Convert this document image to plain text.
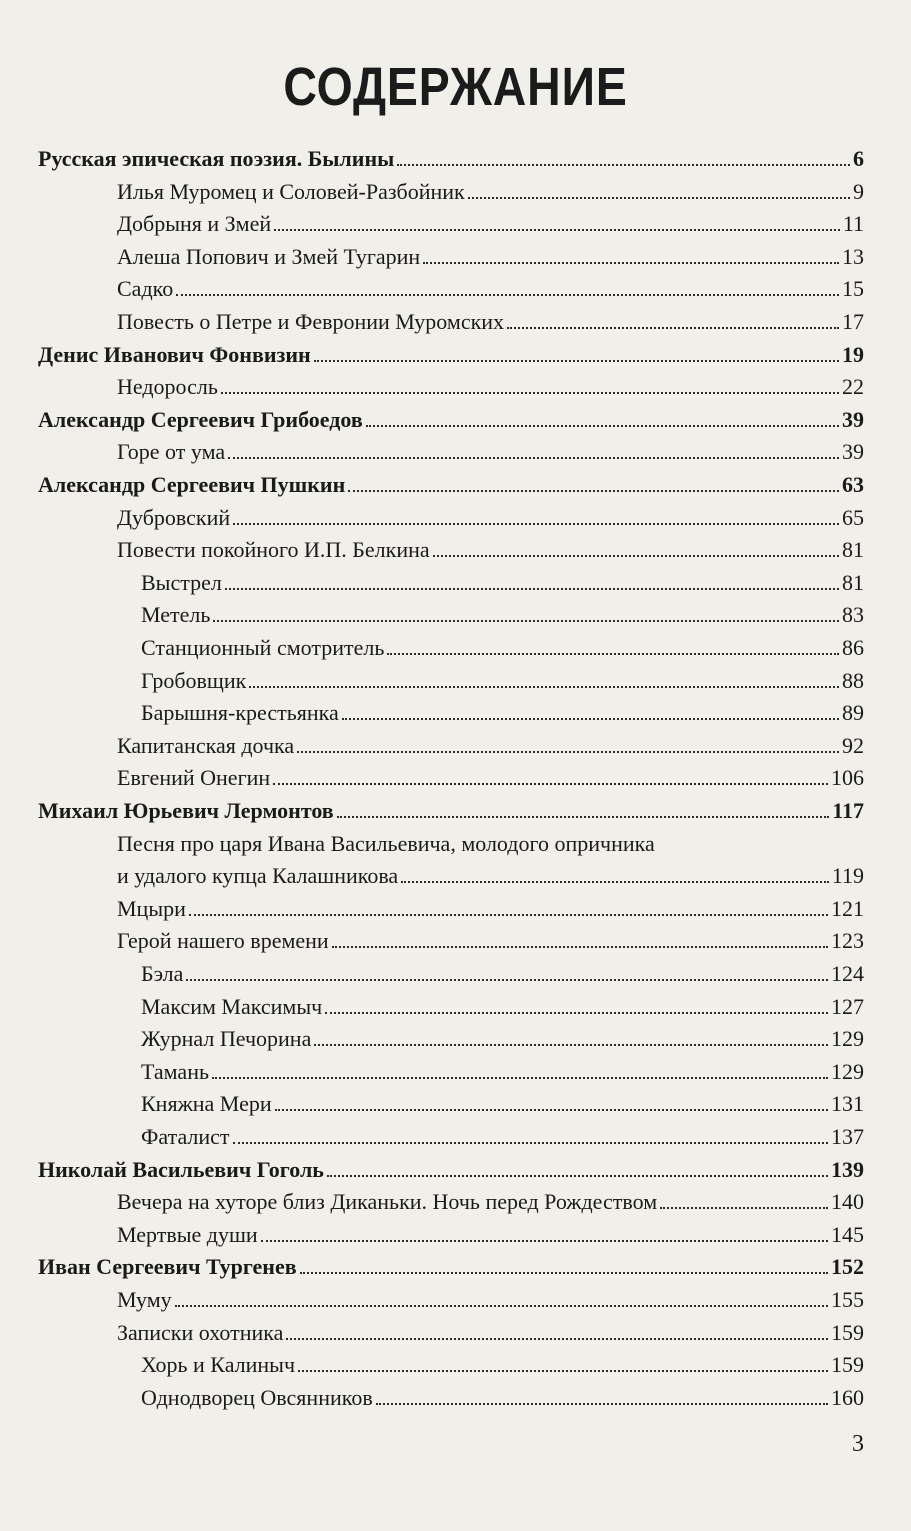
СОДЕРЖАНИЕ
Русская эпическая поэзия. Былины	6
Илья Муромец и Соловей-Разбойник	9
Добрыня и Змей	11
Алеша Попович и Змей Тугарин	13
Садко	15
Повесть о Петре и Февронии Муромских	17
Денис Иванович Фонвизин	19
Недоросль	22
Александр Сергеевич Грибоедов	39
Горе от ума	39
Александр Сергеевич Пушкин	63
Дубровский	65
Повести покойного И.П. Белкина	81
Выстрел	81
Метель	83
Станционный смотритель	86
Гробовщик	88
Барышня-крестьянка	89
Капитанская дочка	92
Евгений Онегин	106
Михаил Юрьевич Лермонтов	117
Песня про царя Ивана Васильевича, молодого опричника
и удалого купца Калашникова	119
Мцыри	121
Герой нашего времени	123
Бэла	124
Максим Максимыч	127
Журнал Печорина	129
Тамань	129
Княжна Мери	131
Фаталист	137
Николай Васильевич Гоголь	139
Вечера на хуторе близ Диканьки. Ночь перед Рождеством	140
Мертвые души	145
Иван Сергеевич Тургенев	152
Муму	155
Записки охотника	159
Хорь и Калиныч	159
Однодворец Овсянников	160
3
